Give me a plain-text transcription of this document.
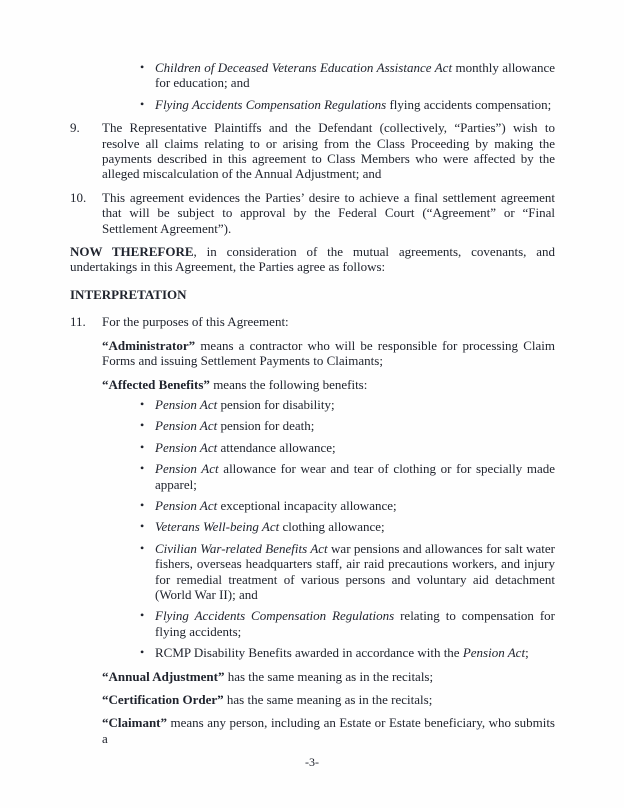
• Children of Deceased Veterans Education Assistance Act monthly allowance for education; and
• Flying Accidents Compensation Regulations flying accidents compensation;
9. The Representative Plaintiffs and the Defendant (collectively, “Parties”) wish to resolve all claims relating to or arising from the Class Proceeding by making the payments described in this agreement to Class Members who were affected by the alleged miscalculation of the Annual Adjustment; and
10. This agreement evidences the Parties’ desire to achieve a final settlement agreement that will be subject to approval by the Federal Court (“Agreement” or “Final Settlement Agreement”).
NOW THEREFORE, in consideration of the mutual agreements, covenants, and undertakings in this Agreement, the Parties agree as follows:
INTERPRETATION
11. For the purposes of this Agreement:
“Administrator” means a contractor who will be responsible for processing Claim Forms and issuing Settlement Payments to Claimants;
“Affected Benefits” means the following benefits:
• Pension Act pension for disability;
• Pension Act pension for death;
• Pension Act attendance allowance;
• Pension Act allowance for wear and tear of clothing or for specially made apparel;
• Pension Act exceptional incapacity allowance;
• Veterans Well-being Act clothing allowance;
• Civilian War-related Benefits Act war pensions and allowances for salt water fishers, overseas headquarters staff, air raid precautions workers, and injury for remedial treatment of various persons and voluntary aid detachment (World War II); and
• Flying Accidents Compensation Regulations relating to compensation for flying accidents;
• RCMP Disability Benefits awarded in accordance with the Pension Act;
“Annual Adjustment” has the same meaning as in the recitals;
“Certification Order” has the same meaning as in the recitals;
“Claimant” means any person, including an Estate or Estate beneficiary, who submits a
-3-
